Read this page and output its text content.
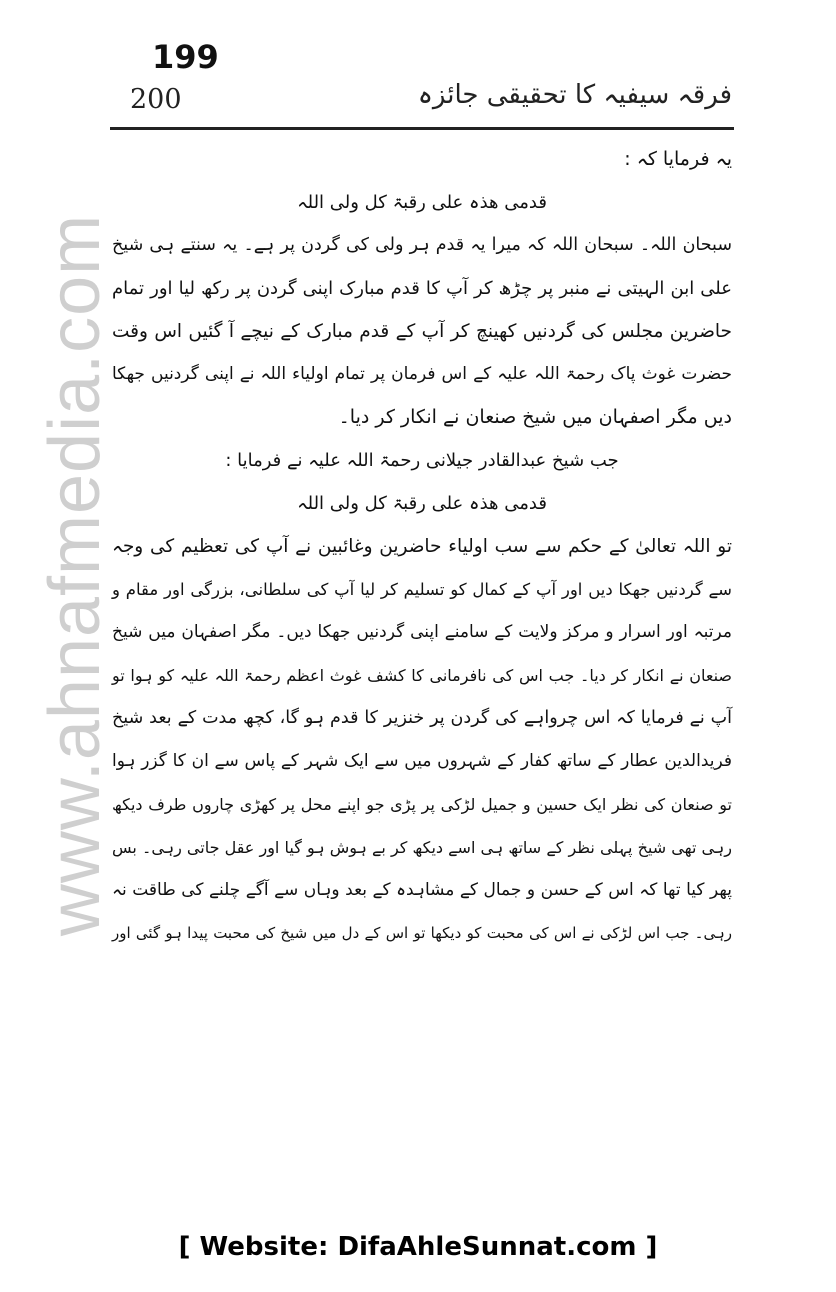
www.ahnafmedia.com
199
200	فرقہ سیفیہ کا تحقیقی جائزہ
یہ فرمایا کہ :
قدمی ھذہ علی رقبۃ کل ولی اللہ
سبحان اللہ۔ سبحان اللہ کہ میرا یہ قدم ہر ولی کی گردن پر ہے۔ یہ سنتے ہی شیخ
علی ابن الہیتی نے منبر پر چڑھ کر آپ کا قدم مبارک اپنی گردن پر رکھ لیا اور تمام
حاضرین مجلس کی گردنیں کھینچ کر آپ کے قدم مبارک کے نیچے آ گئیں اس وقت
حضرت غوث پاک رحمۃ اللہ علیہ کے اس فرمان پر تمام اولیاء اللہ نے اپنی گردنیں جھکا
دیں مگر اصفہان میں شیخ صنعان نے انکار کر دیا۔
جب شیخ عبدالقادر جیلانی رحمۃ اللہ علیہ نے فرمایا :
قدمی ھذہ علی رقبۃ کل ولی اللہ
تو اللہ تعالیٰ کے حکم سے سب اولیاء حاضرین وغائبین نے آپ کی تعظیم کی وجہ
سے گردنیں جھکا دیں اور آپ کے کمال کو تسلیم کر لیا آپ کی سلطانی، بزرگی اور مقام و
مرتبہ اور اسرار و مرکز ولایت کے سامنے اپنی گردنیں جھکا دیں۔ مگر اصفہان میں شیخ
صنعان نے انکار کر دیا۔ جب اس کی نافرمانی کا کشف غوث اعظم رحمۃ اللہ علیہ کو ہوا تو
آپ نے فرمایا کہ اس چرواہے کی گردن پر خنزیر کا قدم ہو گا، کچھ مدت کے بعد شیخ
فریدالدین عطار کے ساتھ کفار کے شہروں میں سے ایک شہر کے پاس سے ان کا گزر ہوا
تو صنعان کی نظر ایک حسین و جمیل لڑکی پر پڑی جو اپنے محل پر کھڑی چاروں طرف دیکھ
رہی تھی شیخ پہلی نظر کے ساتھ ہی اسے دیکھ کر بے ہوش ہو گیا اور عقل جاتی رہی۔ بس
پھر کیا تھا کہ اس کے حسن و جمال کے مشاہدہ کے بعد وہاں سے آگے چلنے کی طاقت نہ
رہی۔ جب اس لڑکی نے اس کی محبت کو دیکھا تو اس کے دل میں شیخ کی محبت پیدا ہو گئی اور
[ Website: DifaAhleSunnat.com ]
